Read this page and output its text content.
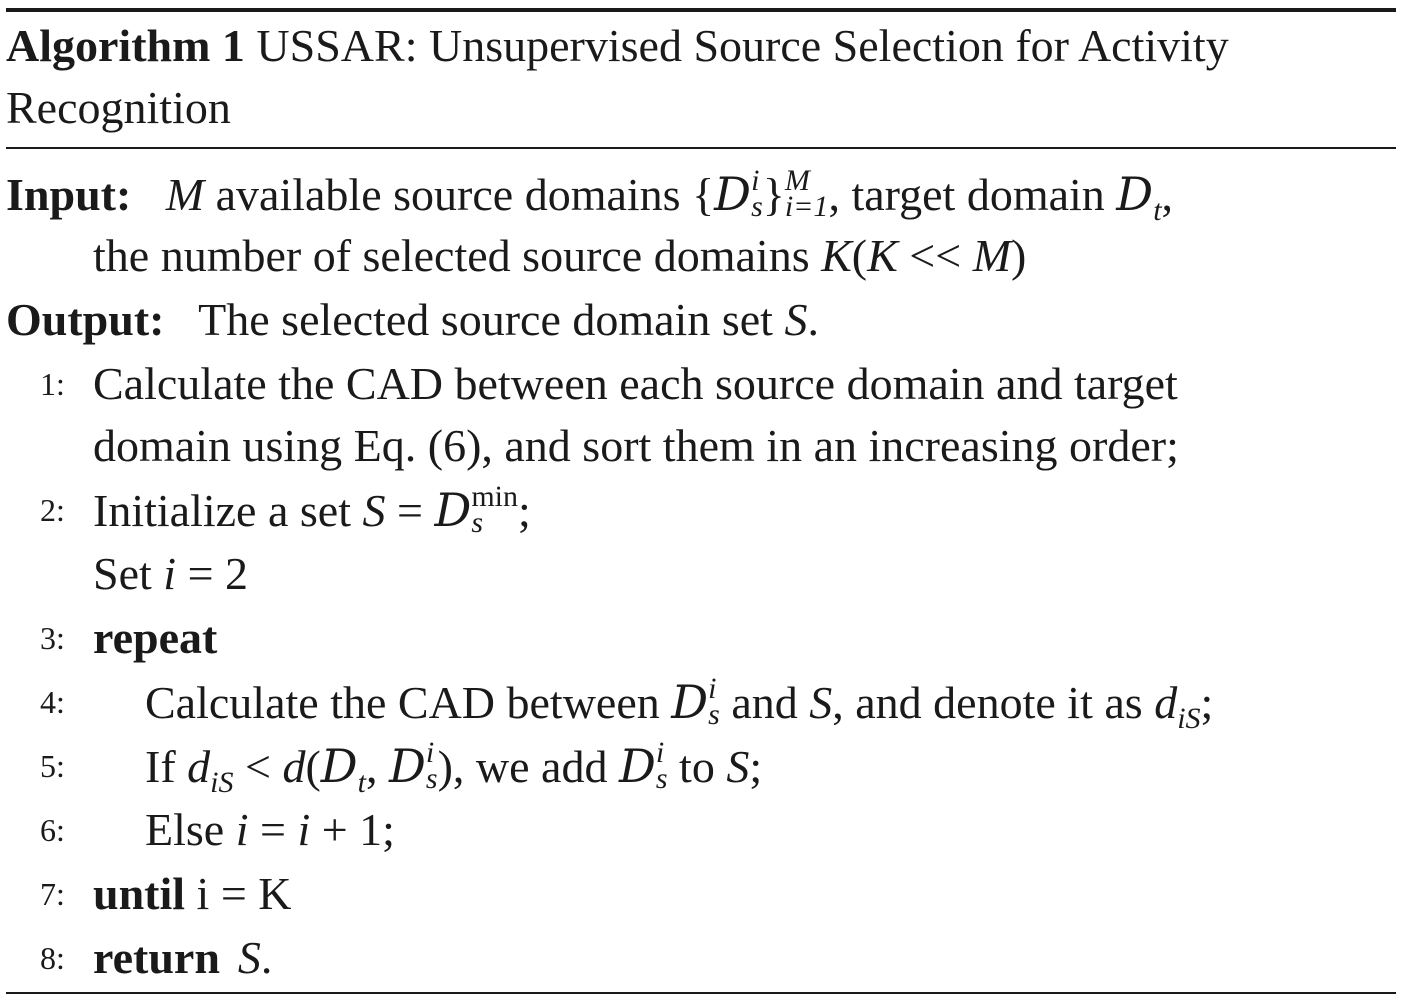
Algorithm 1 USSAR: Unsupervised Source Selection for Activity
Recognition
Input: M available source domains {D i
s } M
i=1 , target domain $D_t$,
the number of selected source domains K(K << M)
Output: The selected source domain set S.
1: Calculate the CAD between each source domain and target
domain using Eq. (6), and sort them in an increasing order;
2: Initialize a set S = D min
s ;
Set i = 2
3: repeat
4:	Calculate the CAD between D i
s and S, and denote it as $d_{iS}$;
5:	If $d_{iS} < d(D_t$, D i
s ), we add D i
s to S;
6:	Else i = i + 1;
7: until i = K
8: return S.
